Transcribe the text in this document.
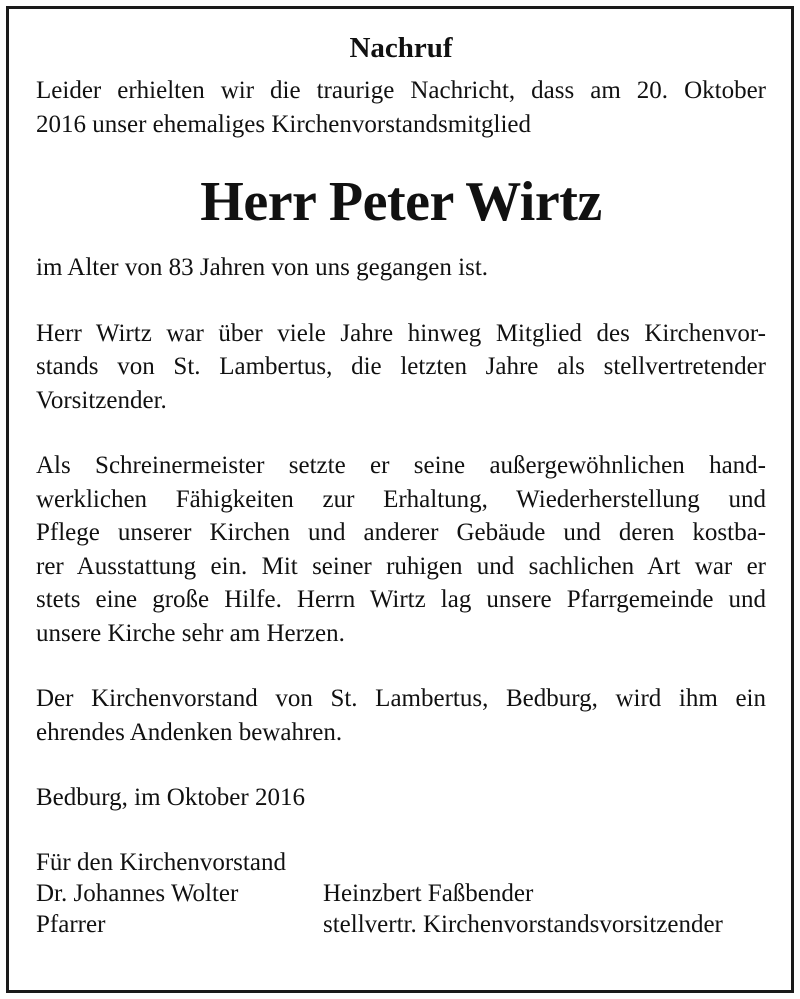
Nachruf

Leider erhielten wir die traurige Nachricht, dass am 20. Oktober
2016 unser ehemaliges Kirchenvorstandsmitglied

Herr Peter Wirtz

im Alter von 83 Jahren von uns gegangen ist.

Herr Wirtz war über viele Jahre hinweg Mitglied des Kirchenvor-
stands von St. Lambertus, die letzten Jahre als stellvertretender
Vorsitzender.

Als Schreinermeister setzte er seine außergewöhnlichen hand-
werklichen Fähigkeiten zur Erhaltung, Wiederherstellung und
Pflege unserer Kirchen und anderer Gebäude und deren kostba-
rer Ausstattung ein. Mit seiner ruhigen und sachlichen Art war er
stets eine große Hilfe. Herrn Wirtz lag unsere Pfarrgemeinde und
unsere Kirche sehr am Herzen.

Der Kirchenvorstand von St. Lambertus, Bedburg, wird ihm ein
ehrendes Andenken bewahren.

Bedburg, im Oktober 2016

Für den Kirchenvorstand
Dr. Johannes Wolter	Heinzbert Faßbender
Pfarrer	stellvertr. Kirchenvorstandsvorsitzender
